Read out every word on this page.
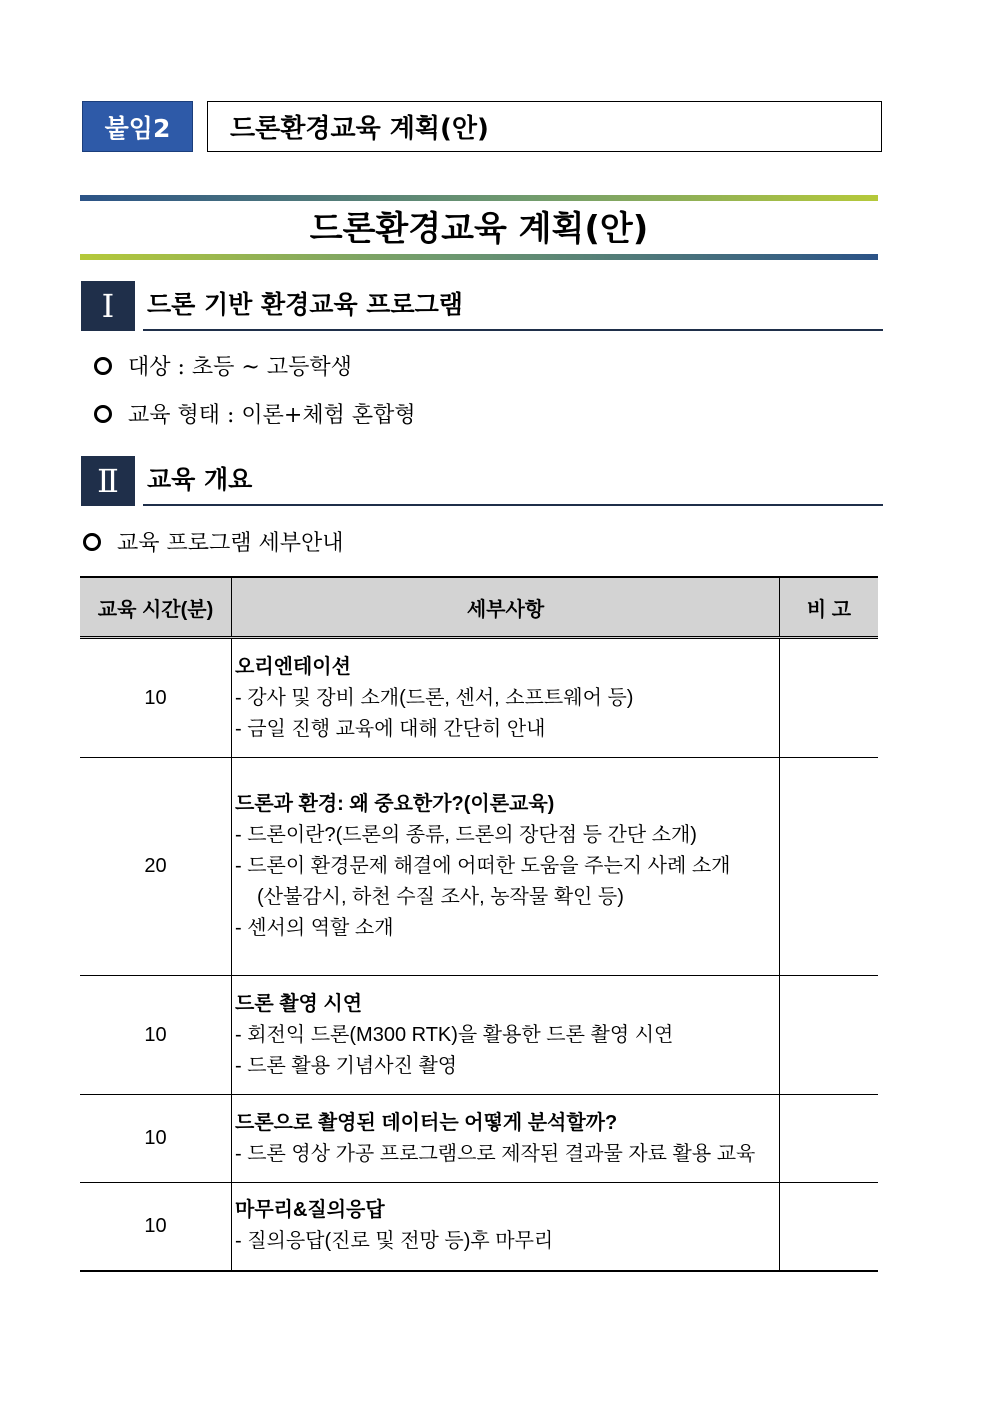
붙임2	드론환경교육 계획(안)
드론환경교육 계획(안)
Ⅰ	드론 기반 환경교육 프로그램
대상 : 초등 ~ 고등학생
교육 형태 : 이론+체험 혼합형
Ⅱ	교육 개요
교육 프로그램 세부안내
교육 시간(분)	세부사항	비 고
10	오리엔테이션
- 강사 및 장비 소개(드론, 센서, 소프트웨어 등)
- 금일 진행 교육에 대해 간단히 안내	

20	드론과 환경: 왜 중요한가?(이론교육)
- 드론이란?(드론의 종류, 드론의 장단점 등 간단 소개)
- 드론이 환경문제 해결에 어떠한 도움을 주는지 사례 소개
(산불감시, 하천 수질 조사, 농작물 확인 등)
- 센서의 역할 소개	

10	드론 촬영 시연
- 회전익 드론(M300 RTK)을 활용한 드론 촬영 시연
- 드론 활용 기념사진 촬영	

10	드론으로 촬영된 데이터는 어떻게 분석할까?
- 드론 영상 가공 프로그램으로 제작된 결과물 자료 활용 교육	

10	마무리&질의응답
- 질의응답(진로 및 전망 등)후 마무리	
